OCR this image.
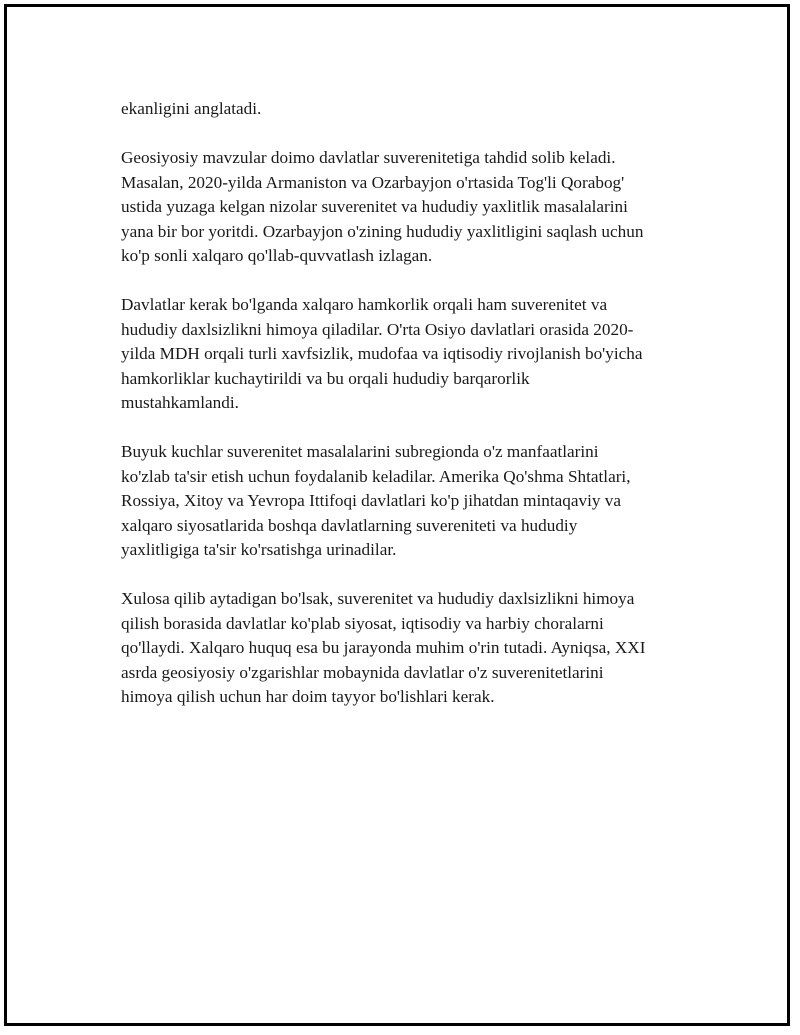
ekanligini anglatadi.

Geosiyosiy mavzular doimo davlatlar suverenitetiga tahdid solib keladi.
Masalan, 2020-yilda Armaniston va Ozarbayjon o'rtasida Tog'li Qorabog'
ustida yuzaga kelgan nizolar suverenitet va hududiy yaxlitlik masalalarini
yana bir bor yoritdi. Ozarbayjon o'zining hududiy yaxlitligini saqlash uchun
ko'p sonli xalqaro qo'llab-quvvatlash izlagan.

Davlatlar kerak bo'lganda xalqaro hamkorlik orqali ham suverenitet va
hududiy daxlsizlikni himoya qiladilar. O'rta Osiyo davlatlari orasida 2020-
yilda MDH orqali turli xavfsizlik, mudofaa va iqtisodiy rivojlanish bo'yicha
hamkorliklar kuchaytirildi va bu orqali hududiy barqarorlik
mustahkamlandi.

Buyuk kuchlar suverenitet masalalarini subregionda o'z manfaatlarini
ko'zlab ta'sir etish uchun foydalanib keladilar. Amerika Qo'shma Shtatlari,
Rossiya, Xitoy va Yevropa Ittifoqi davlatlari ko'p jihatdan mintaqaviy va
xalqaro siyosatlarida boshqa davlatlarning suvereniteti va hududiy
yaxlitligiga ta'sir ko'rsatishga urinadilar.

Xulosa qilib aytadigan bo'lsak, suverenitet va hududiy daxlsizlikni himoya
qilish borasida davlatlar ko'plab siyosat, iqtisodiy va harbiy choralarni
qo'llaydi. Xalqaro huquq esa bu jarayonda muhim o'rin tutadi. Ayniqsa, XXI
asrda geosiyosiy o'zgarishlar mobaynida davlatlar o'z suverenitetlarini
himoya qilish uchun har doim tayyor bo'lishlari kerak.
